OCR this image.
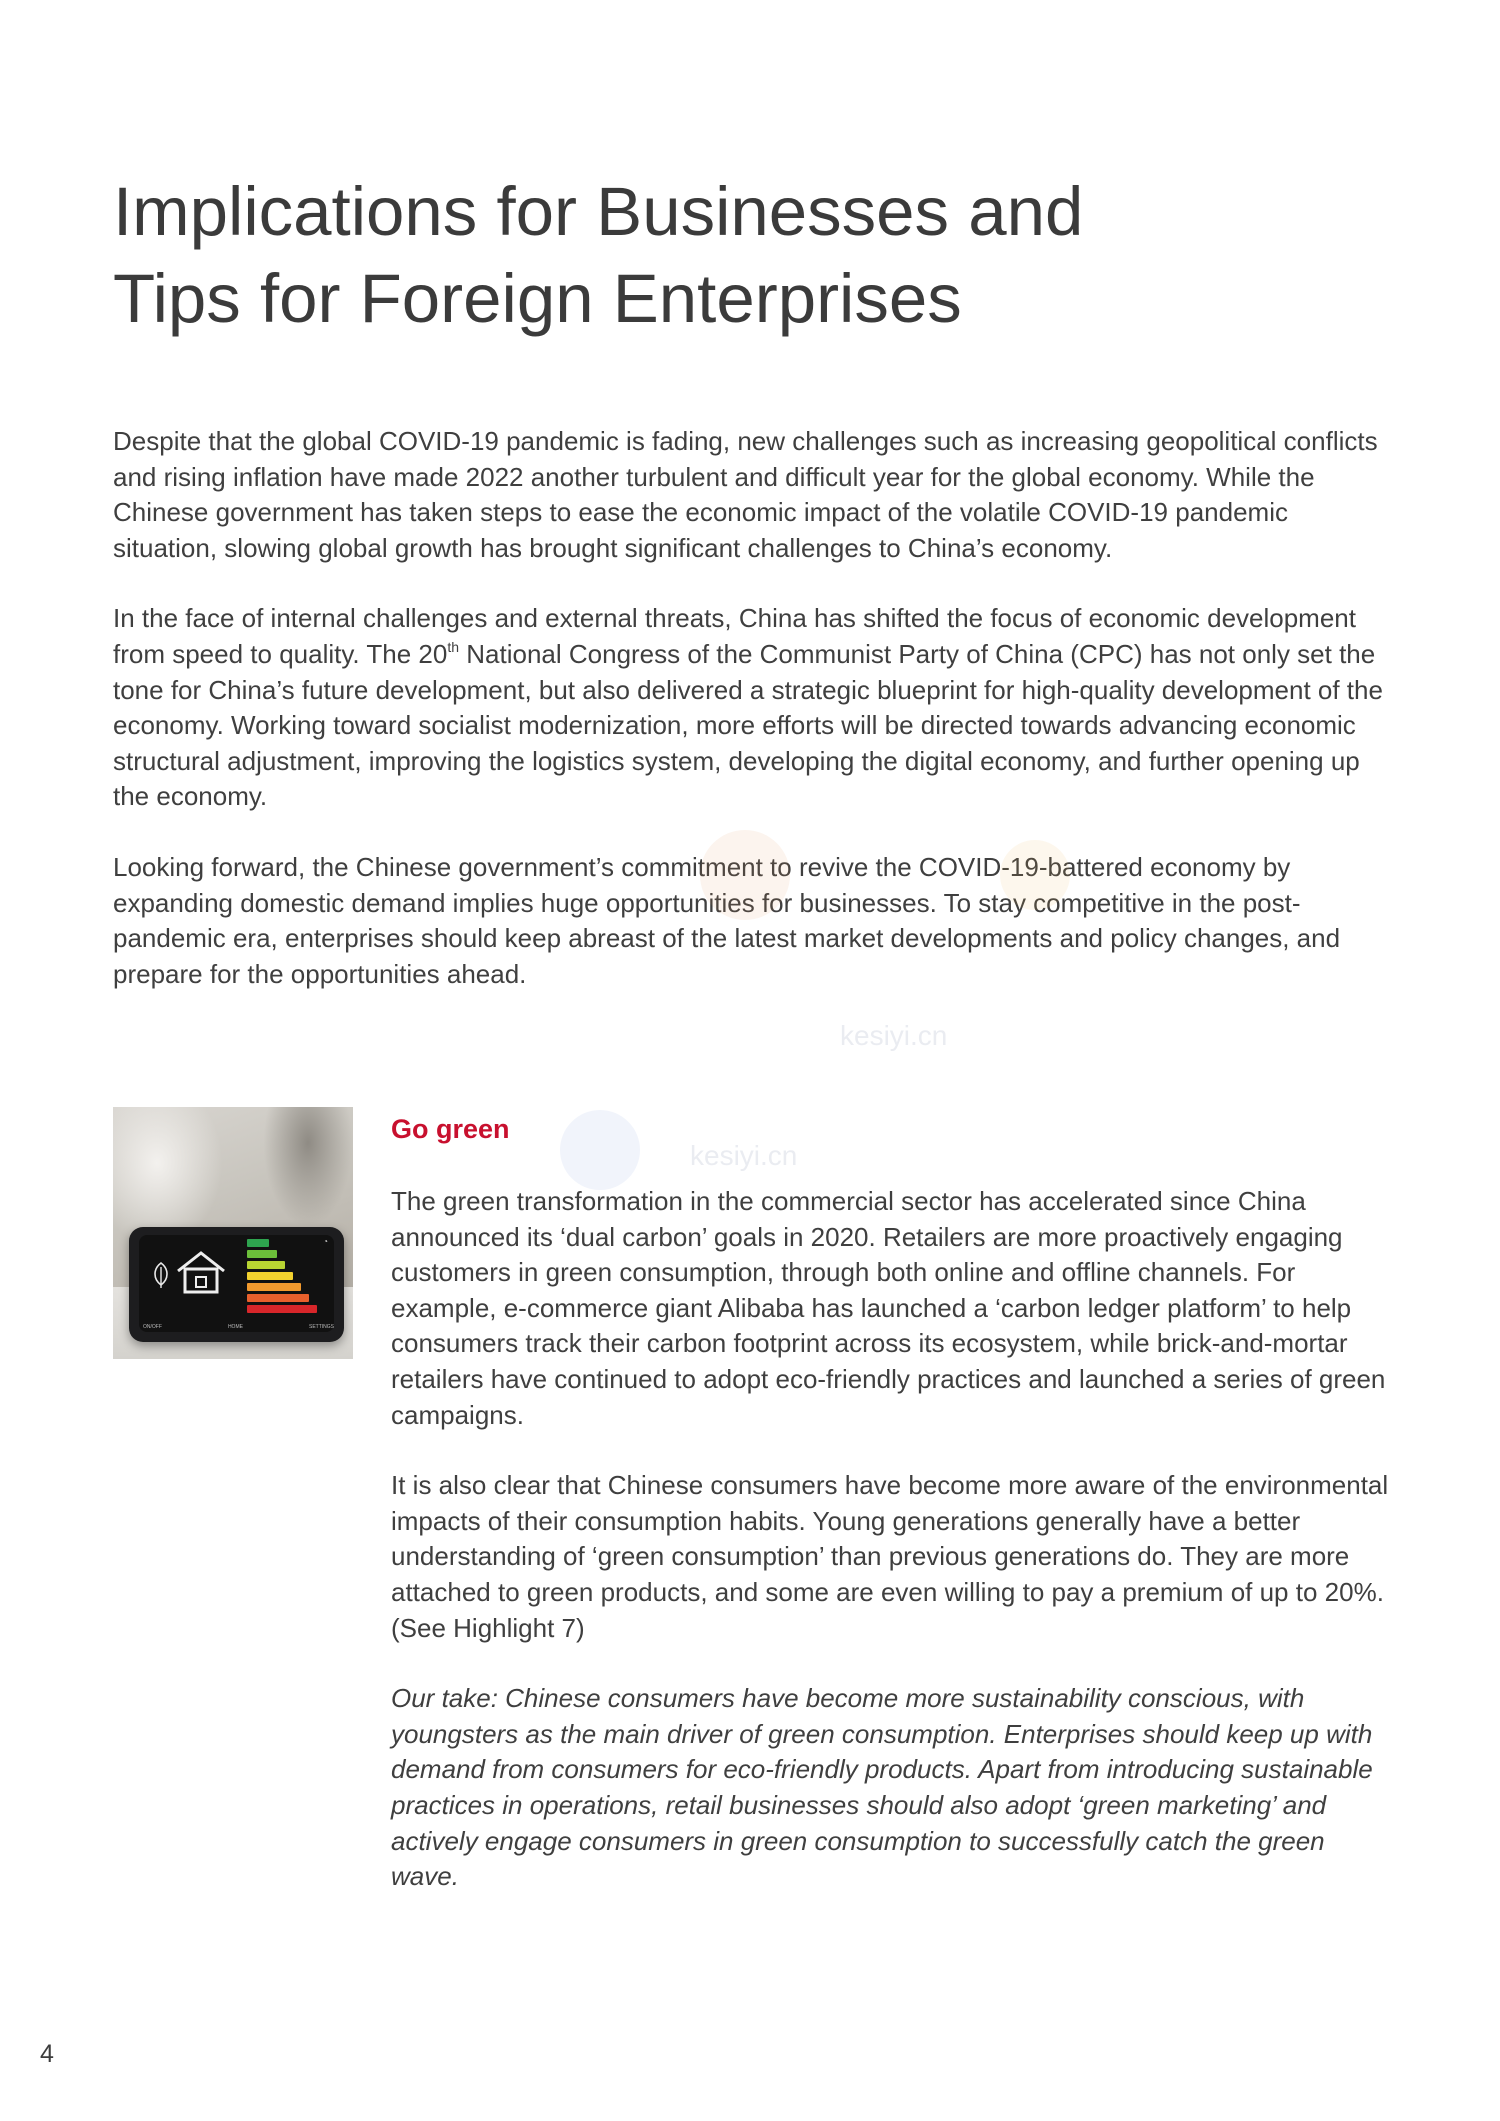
Implications for Businesses and
Tips for Foreign Enterprises

Despite that the global COVID-19 pandemic is fading, new challenges such as increasing geopolitical conflicts and rising inflation have made 2022 another turbulent and difficult year for the global economy. While the Chinese government has taken steps to ease the economic impact of the volatile COVID-19 pandemic situation, slowing global growth has brought significant challenges to China’s economy.

In the face of internal challenges and external threats, China has shifted the focus of economic development from speed to quality. The 20th National Congress of the Communist Party of China (CPC) has not only set the tone for China’s future development, but also delivered a strategic blueprint for high-quality development of the economy. Working toward socialist modernization, more efforts will be directed towards advancing economic structural adjustment, improving the logistics system, developing the digital economy, and further opening up the economy.

Looking forward, the Chinese government’s commitment to revive the COVID-19-battered economy by expanding domestic demand implies huge opportunities for businesses. To stay competitive in the post-pandemic era, enterprises should keep abreast of the latest market developments and policy changes, and prepare for the opportunities ahead.

kesiyi.cn
kesiyi.cn
◔
ON/OFF	HOME	SETTINGS
Go green

The green transformation in the commercial sector has accelerated since China announced its ‘dual carbon’ goals in 2020. Retailers are more proactively engaging customers in green consumption, through both online and offline channels. For example, e-commerce giant Alibaba has launched a ‘carbon ledger platform’ to help consumers track their carbon footprint across its ecosystem, while brick-and-mortar retailers have continued to adopt eco-friendly practices and launched a series of green campaigns.

It is also clear that Chinese consumers have become more aware of the environmental impacts of their consumption habits. Young generations generally have a better understanding of ‘green consumption’ than previous generations do. They are more attached to green products, and some are even willing to pay a premium of up to 20%. (See Highlight 7)

Our take: Chinese consumers have become more sustainability conscious, with youngsters as the main driver of green consumption. Enterprises should keep up with demand from consumers for eco-friendly products. Apart from introducing sustainable practices in operations, retail businesses should also adopt ‘green marketing’ and actively engage consumers in green consumption to successfully catch the green wave.

4
